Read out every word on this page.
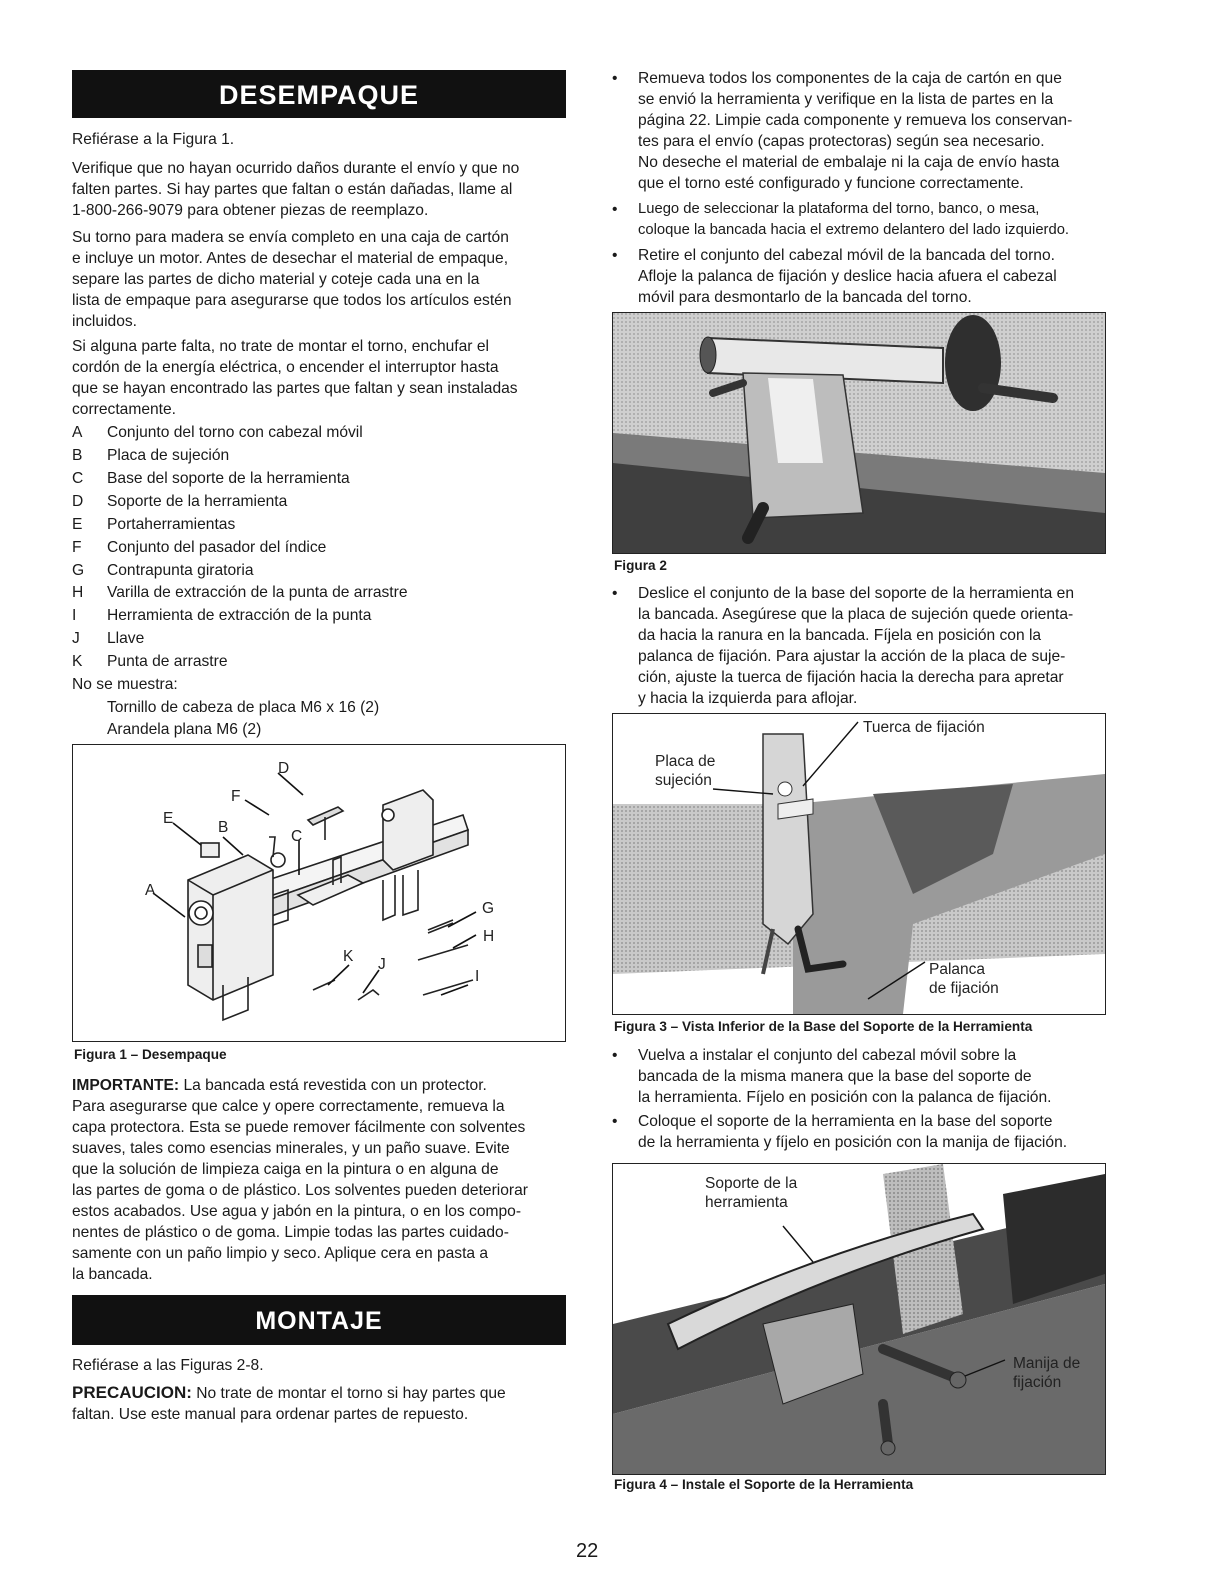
DESEMPAQUE

Refiérase a la Figura 1.

Verifique que no hayan ocurrido daños durante el envío y que no
falten partes. Si hay partes que faltan o están dañadas, llame al
1-800-266-9079 para obtener piezas de reemplazo.
Su torno para madera se envía completo en una caja de cartón
e incluye un motor. Antes de desechar el material de empaque,
separe las partes de dicho material y coteje cada una en la
lista de empaque para asegurarse que todos los artículos estén
incluidos.
Si alguna parte falta, no trate de montar el torno, enchufar el
cordón de la energía eléctrica, o encender el interruptor hasta
que se hayan encontrado las partes que faltan y sean instaladas
correctamente.
A Conjunto del torno con cabezal móvil
B Placa de sujeción
C Base del soporte de la herramienta
D Soporte de la herramienta
E Portaherramientas
F Conjunto del pasador del índice
G Contrapunta giratoria
H Varilla de extracción de la punta de arrastre
I Herramienta de extracción de la punta
J Llave
K Punta de arrastre
No se muestra:
Tornillo de cabeza de placa M6 x 16 (2)
Arandela plana M6 (2)
D
F
E
B
C
A
G
H
K J
I
Figura 1 – Desempaque
IMPORTANTE: La bancada está revestida con un protector.
Para asegurarse que calce y opere correctamente, remueva la
capa protectora. Esta se puede remover fácilmente con solventes
suaves, tales como esencias minerales, y un paño suave. Evite
que la solución de limpieza caiga en la pintura o en alguna de
las partes de goma o de plástico. Los solventes pueden deteriorar
estos acabados. Use agua y jabón en la pintura, o en los compo-
nentes de plástico o de goma. Limpie todas las partes cuidado-
samente con un paño limpio y seco. Aplique cera en pasta a
la bancada.
MONTAJE

Refiérase a las Figuras 2-8.

PRECAUCION: No trate de montar el torno si hay partes que
faltan. Use este manual para ordenar partes de repuesto.
• Remueva todos los componentes de la caja de cartón en que
se envió la herramienta y verifique en la lista de partes en la
página 22. Limpie cada componente y remueva los conservan-
tes para el envío (capas protectoras) según sea necesario.
No deseche el material de embalaje ni la caja de envío hasta
que el torno esté configurado y funcione correctamente.
• Luego de seleccionar la plataforma del torno, banco, o mesa,
coloque la bancada hacia el extremo delantero del lado izquierdo.
• Retire el conjunto del cabezal móvil de la bancada del torno.
Afloje la palanca de fijación y deslice hacia afuera el cabezal
móvil para desmontarlo de la bancada del torno.
Figura 2
• Deslice el conjunto de la base del soporte de la herramienta en
la bancada. Asegúrese que la placa de sujeción quede orienta-
da hacia la ranura en la bancada. Fíjela en posición con la
palanca de fijación. Para ajustar la acción de la placa de suje-
ción, ajuste la tuerca de fijación hacia la derecha para apretar
y hacia la izquierda para aflojar.
Tuerca de fijación
Placa de
sujeción
Palanca
de fijación
Figura 3 – Vista Inferior de la Base del Soporte de la Herramienta
• Vuelva a instalar el conjunto del cabezal móvil sobre la
bancada de la misma manera que la base del soporte de
la herramienta. Fíjelo en posición con la palanca de fijación.
• Coloque el soporte de la herramienta en la base del soporte
de la herramienta y fíjelo en posición con la manija de fijación.
Soporte de la
herramienta
Manija de
fijación
Figura 4 – Instale el Soporte de la Herramienta
22
